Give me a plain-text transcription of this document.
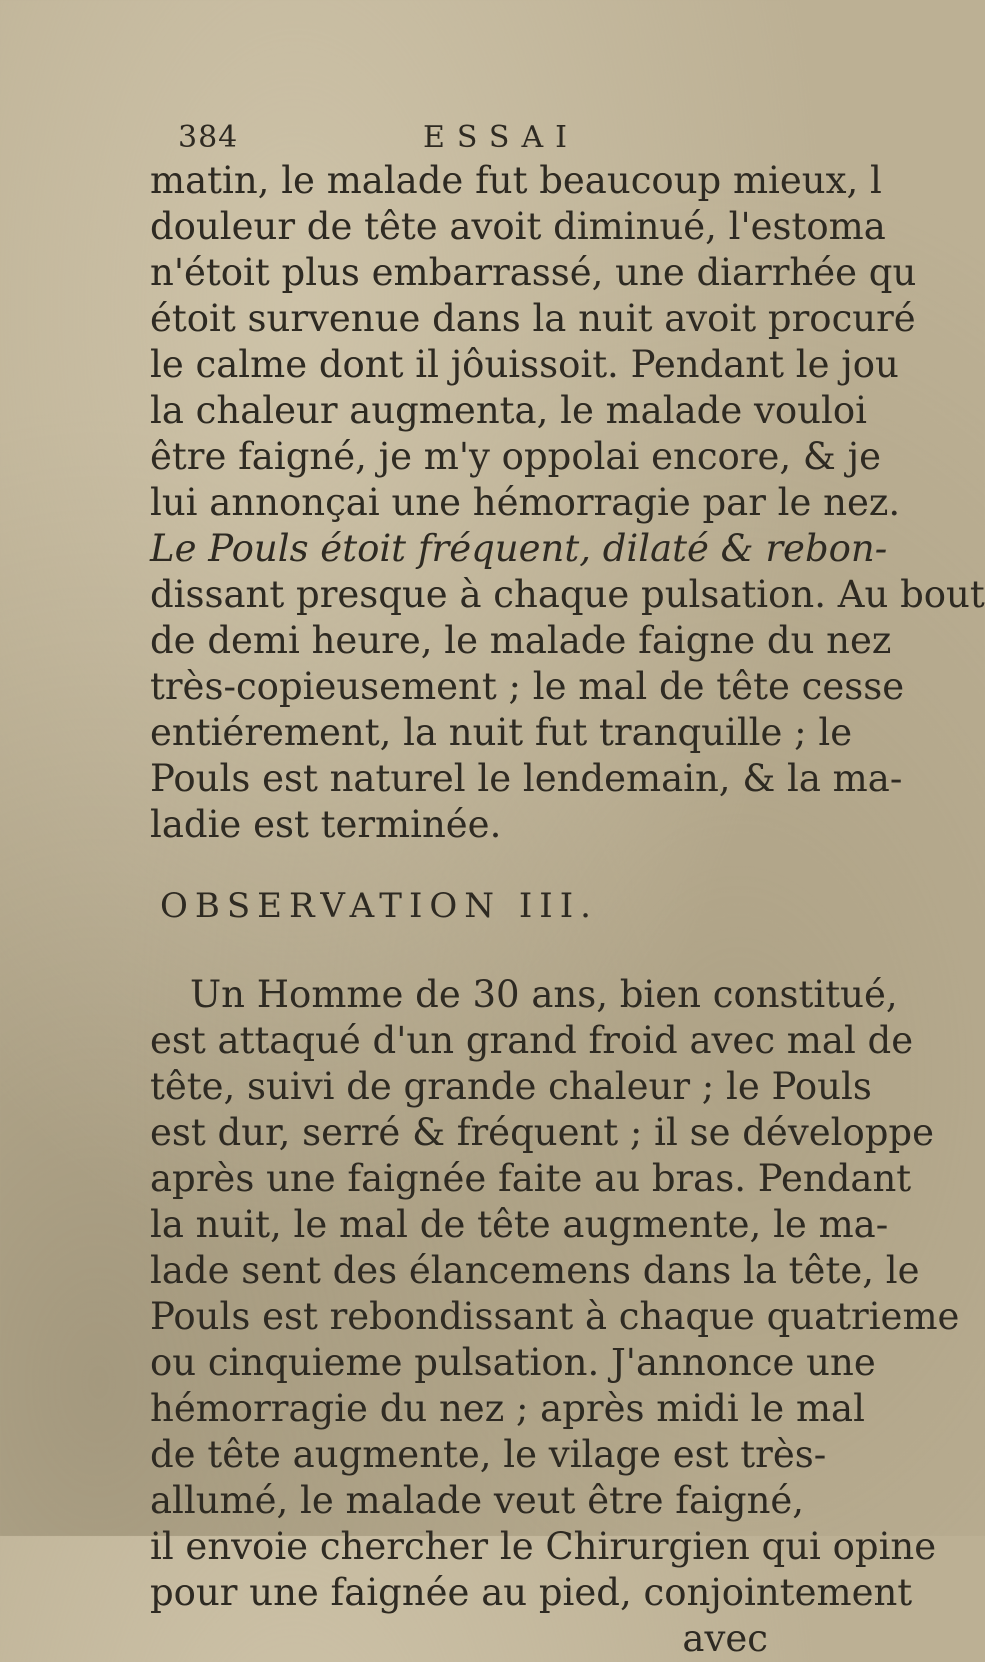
384	ESSAI
matin, le malade fut beaucoup mieux, l
douleur de tête avoit diminué, l'estoma
n'étoit plus embarrassé, une diarrhée qu
étoit survenue dans la nuit avoit procuré
le calme dont il jôuissoit. Pendant le jou
la chaleur augmenta, le malade vouloi
être faigné, je m'y oppolai encore, & je
lui annonçai une hémorragie par le nez.
Le Pouls étoit fréquent, dilaté & rebon-
dissant presque à chaque pulsation. Au bout
de demi heure, le malade faigne du nez
très-copieusement ; le mal de tête cesse
entiérement, la nuit fut tranquille ; le
Pouls est naturel le lendemain, & la ma-
ladie est terminée.
OBSERVATION III.
Un Homme de 30 ans, bien constitué,
est attaqué d'un grand froid avec mal de
tête, suivi de grande chaleur ; le Pouls
est dur, serré & fréquent ; il se développe
après une faignée faite au bras. Pendant
la nuit, le mal de tête augmente, le ma-
lade sent des élancemens dans la tête, le
Pouls est rebondissant à chaque quatrieme
ou cinquieme pulsation. J'annonce une
hémorragie du nez ; après midi le mal
de tête augmente, le vilage est très-
allumé, le malade veut être faigné,
il envoie chercher le Chirurgien qui opine
pour une faignée au pied, conjointement
avec
